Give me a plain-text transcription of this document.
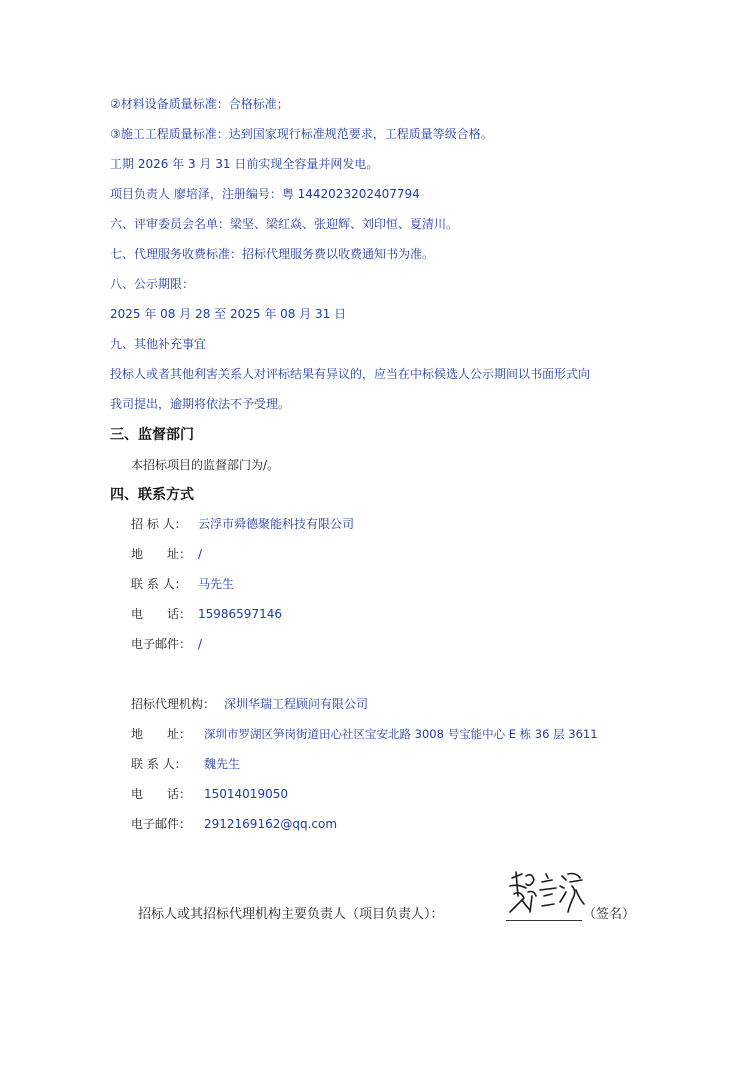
②材料设备质量标准：合格标准；
③施工工程质量标准：达到国家现行标准规范要求，工程质量等级合格。
工期 2026 年 3 月 31 日前实现全容量并网发电。
项目负责人 廖培泽，注册编号：粤 1442023202407794
六、评审委员会名单：梁坚、梁红焱、张迎辉、刘印恒、夏清川。
七、代理服务收费标准：招标代理服务费以收费通知书为准。
八、公示期限：
2025 年 08 月 28 至 2025 年 08 月 31 日
九、其他补充事宜
投标人或者其他利害关系人对评标结果有异议的，应当在中标候选人公示期间以书面形式向
我司提出，逾期将依法不予受理。
三、监督部门
本招标项目的监督部门为/。
四、联系方式
招 标 人： 云浮市舜德聚能科技有限公司
地　　址： /
联 系 人： 马先生
电　　话： 15986597146
电子邮件： /
招标代理机构： 深圳华瑞工程顾问有限公司
地　　址： 深圳市罗湖区笋岗街道田心社区宝安北路 3008 号宝能中心 E 栋 36 层 3611
联 系 人： 魏先生
电　　话： 15014019050
电子邮件： 2912169162@qq.com
招标人或其招标代理机构主要负责人（项目负责人）：	（签名）
